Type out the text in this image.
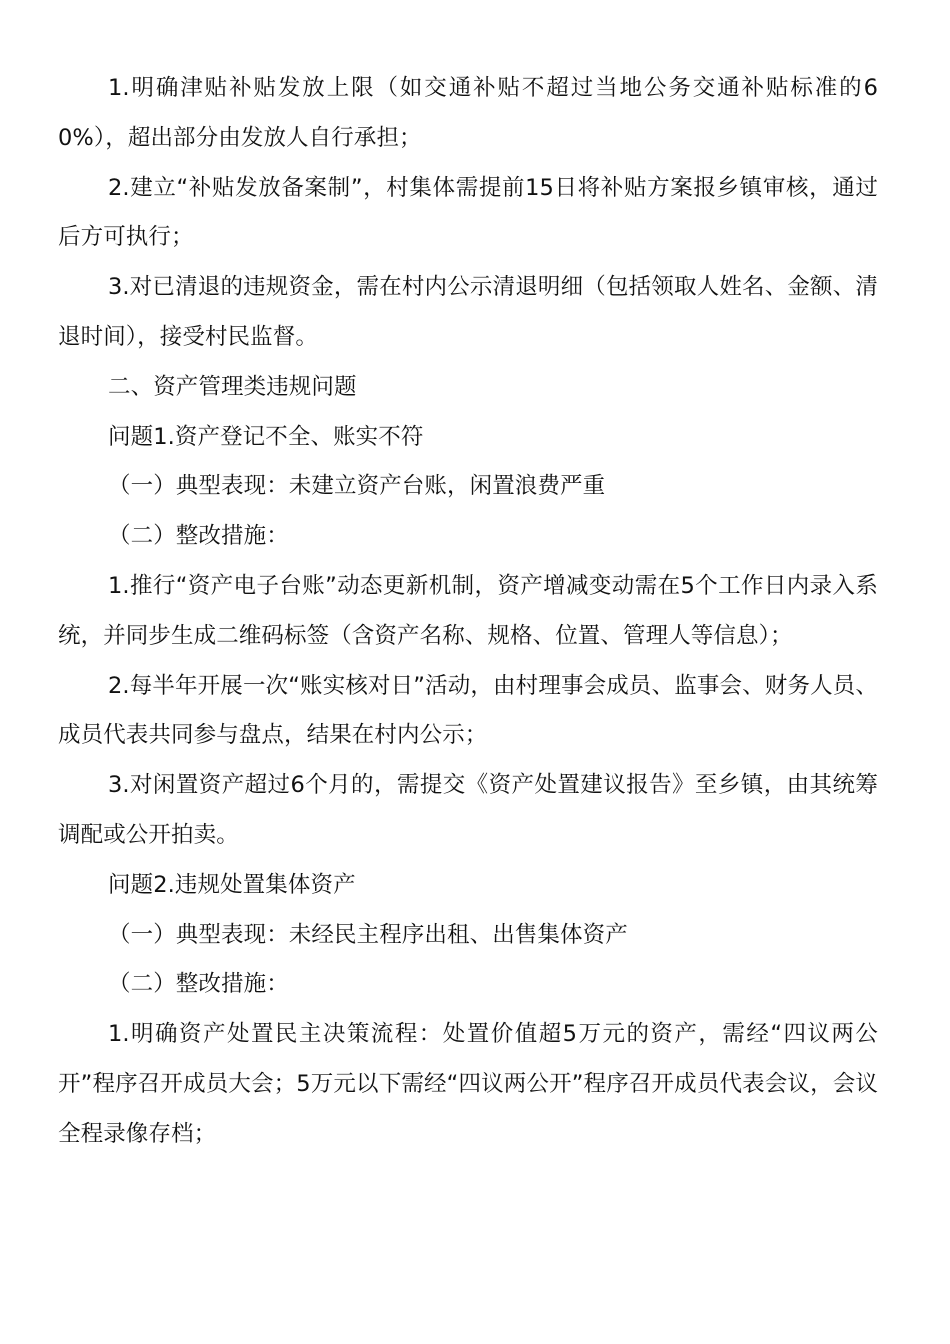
1.明确津贴补贴发放上限（如交通补贴不超过当地公务交通补贴标准的60%），超出部分由发放人自行承担；

2.建立“补贴发放备案制”，村集体需提前15日将补贴方案报乡镇审核，通过后方可执行；

3.对已清退的违规资金，需在村内公示清退明细（包括领取人姓名、金额、清退时间），接受村民监督。

二、资产管理类违规问题

问题1.资产登记不全、账实不符

（一）典型表现：未建立资产台账，闲置浪费严重

（二）整改措施：

1.推行“资产电子台账”动态更新机制，资产增减变动需在5个工作日内录入系统，并同步生成二维码标签（含资产名称、规格、位置、管理人等信息）；

2.每半年开展一次“账实核对日”活动，由村理事会成员、监事会、财务人员、成员代表共同参与盘点，结果在村内公示；

3.对闲置资产超过6个月的，需提交《资产处置建议报告》至乡镇，由其统筹调配或公开拍卖。

问题2.违规处置集体资产

（一）典型表现：未经民主程序出租、出售集体资产

（二）整改措施：

1.明确资产处置民主决策流程：处置价值超5万元的资产，需经“四议两公开”程序召开成员大会；5万元以下需经“四议两公开”程序召开成员代表会议，会议全程录像存档；
